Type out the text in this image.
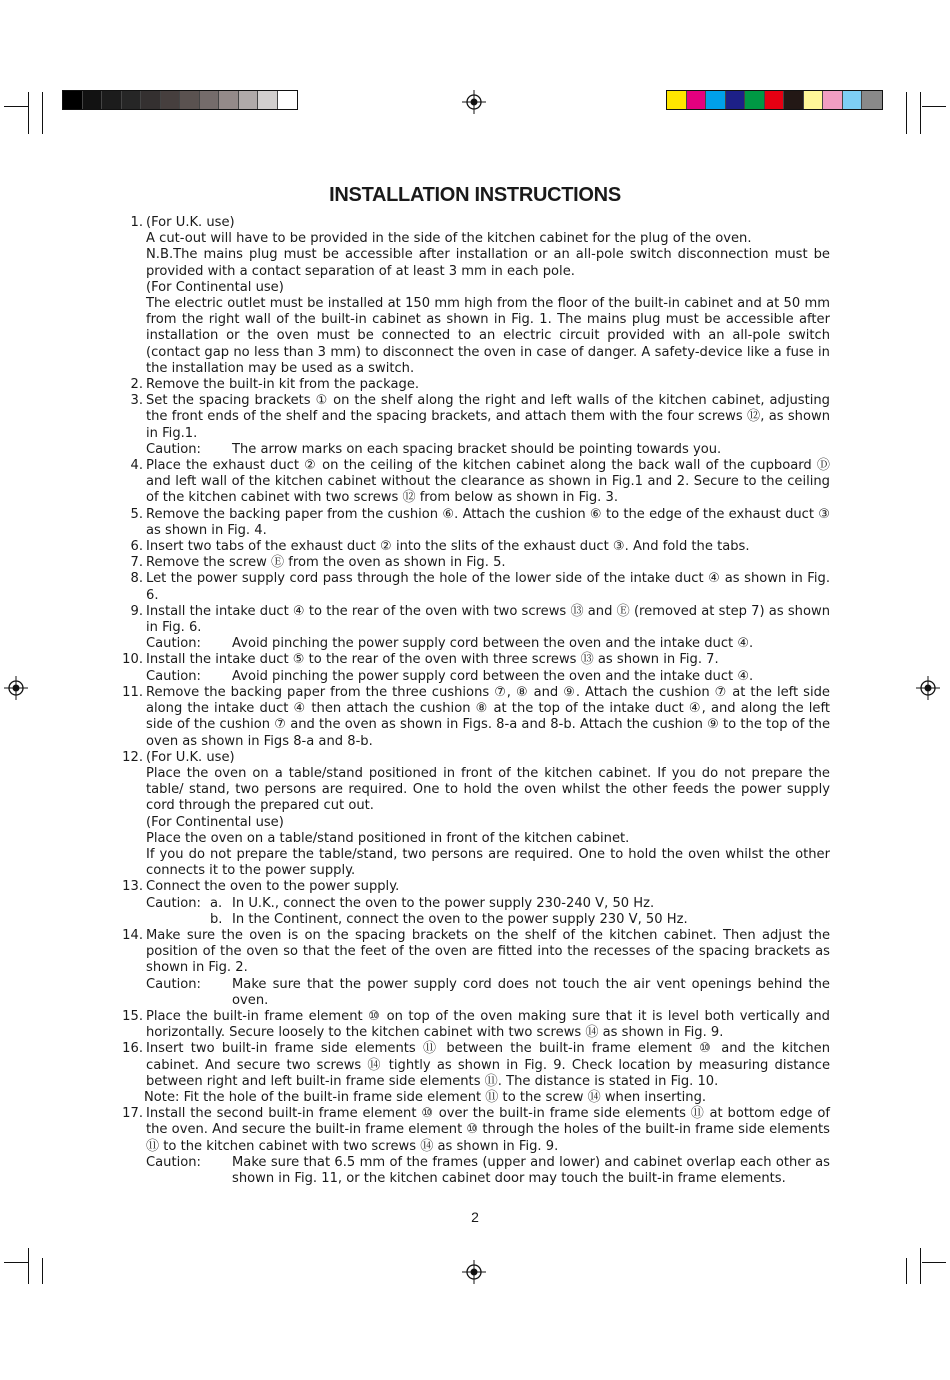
INSTALLATION INSTRUCTIONS
1. (For U.K. use)
A cut-out will have to be provided in the side of the kitchen cabinet for the plug of the oven.
N.B.The mains plug must be accessible after installation or an all-pole switch disconnection must be provided with a contact separation of at least 3 mm in each pole.
(For Continental use)
The electric outlet must be installed at 150 mm high from the floor of the built-in cabinet and at 50 mm from the right wall of the built-in cabinet as shown in Fig. 1. The mains plug must be accessible after installation or the oven must be connected to an electric circuit provided with an all-pole switch (contact gap no less than 3 mm) to disconnect the oven in case of danger. A safety-device like a fuse in the installation may be used as a switch.
2. Remove the built-in kit from the package.
3. Set the spacing brackets ① on the shelf along the right and left walls of the kitchen cabinet, adjusting the front ends of the shelf and the spacing brackets, and attach them with the four screws ⑫, as shown in Fig.1.
Caution:	The arrow marks on each spacing bracket should be pointing towards you.
4. Place the exhaust duct ② on the ceiling of the kitchen cabinet along the back wall of the cupboard Ⓓ and left wall of the kitchen cabinet without the clearance as shown in Fig.1 and 2. Secure to the ceiling of the kitchen cabinet with two screws ⑫ from below as shown in Fig. 3.
5. Remove the backing paper from the cushion ⑥. Attach the cushion ⑥ to the edge of the exhaust duct ③ as shown in Fig. 4.
6. Insert two tabs of the exhaust duct ② into the slits of the exhaust duct ③. And fold the tabs.
7. Remove the screw Ⓔ from the oven as shown in Fig. 5.
8. Let the power supply cord pass through the hole of the lower side of the intake duct ④ as shown in Fig. 6.
9. Install the intake duct ④ to the rear of the oven with two screws ⑬ and Ⓔ (removed at step 7) as shown in Fig. 6.
Caution:	Avoid pinching the power supply cord between the oven and the intake duct ④.
10. Install the intake duct ⑤ to the rear of the oven with three screws ⑬ as shown in Fig. 7.
Caution:	Avoid pinching the power supply cord between the oven and the intake duct ④.
11. Remove the backing paper from the three cushions ⑦, ⑧ and ⑨. Attach the cushion ⑦ at the left side along the intake duct ④ then attach the cushion ⑧ at the top of the intake duct ④, and along the left side of the cushion ⑦ and the oven as shown in Figs. 8-a and 8-b. Attach the cushion ⑨ to the top of the oven as shown in Figs 8-a and 8-b.
12. (For U.K. use)
Place the oven on a table/stand positioned in front of the kitchen cabinet. If you do not prepare the table/ stand, two persons are required. One to hold the oven whilst the other feeds the power supply cord through the prepared cut out.
(For Continental use)
Place the oven on a table/stand positioned in front of the kitchen cabinet.
If you do not prepare the table/stand, two persons are required. One to hold the oven whilst the other connects it to the power supply.
13. Connect the oven to the power supply.
Caution: a. In U.K., connect the oven to the power supply 230-240 V, 50 Hz.
b. In the Continent, connect the oven to the power supply 230 V, 50 Hz.
14. Make sure the oven is on the spacing brackets on the shelf of the kitchen cabinet. Then adjust the position of the oven so that the feet of the oven are fitted into the recesses of the spacing brackets as shown in Fig. 2.
Caution:	Make sure that the power supply cord does not touch the air vent openings behind the oven.
15. Place the built-in frame element ⑩ on top of the oven making sure that it is level both vertically and horizontally. Secure loosely to the kitchen cabinet with two screws ⑭ as shown in Fig. 9.
16. Insert two built-in frame side elements ⑪ between the built-in frame element ⑩ and the kitchen cabinet. And secure two screws ⑭ tightly as shown in Fig. 9. Check location by measuring distance between right and left built-in frame side elements ⑪. The distance is stated in Fig. 10.
Note: Fit the hole of the built-in frame side element ⑪ to the screw ⑭ when inserting.
17. Install the second built-in frame element ⑩ over the built-in frame side elements ⑪ at bottom edge of the oven. And secure the built-in frame element ⑩ through the holes of the built-in frame side elements ⑪ to the kitchen cabinet with two screws ⑭ as shown in Fig. 9.
Caution:	Make sure that 6.5 mm of the frames (upper and lower) and cabinet overlap each other as shown in Fig. 11, or the kitchen cabinet door may touch the built-in frame elements.
2
